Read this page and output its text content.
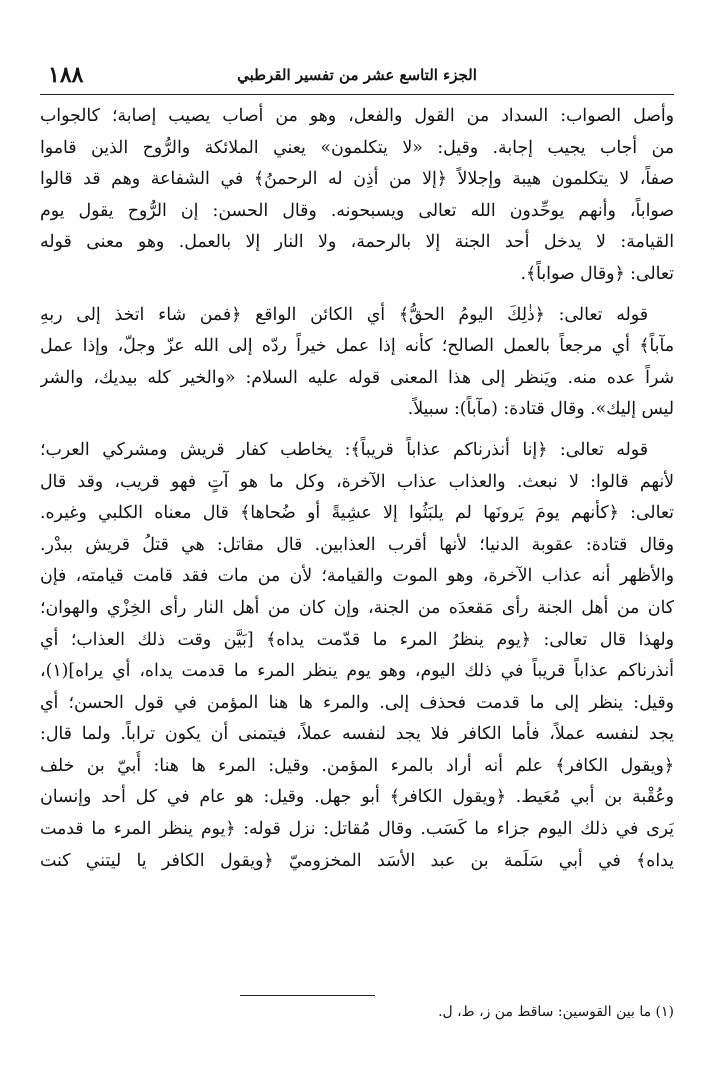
١٨٨	الجزء التاسع عشر من تفسير القرطبي
وأصل الصواب: السداد من القول والفعل، وهو من أصاب يصيب إصابة؛ كالجواب
من أجاب يجيب إجابة. وقيل: «لا يتكلمون» يعني الملائكة والرُّوح الذين قاموا
صفاً، لا يتكلمون هيبة وإجلالاً ﴿إلا من أذِن له الرحمنُ﴾ في الشفاعة وهم قد قالوا
صواباً، وأنهم يوحِّدون الله تعالى ويسبحونه. وقال الحسن: إن الرُّوح يقول يوم
القيامة: لا يدخل أحد الجنة إلا بالرحمة، ولا النار إلا بالعمل. وهو معنى قوله
تعالى: ﴿وقال صواباً﴾.
قوله تعالى: ﴿ذٰلِكَ اليومُ الحقُّ﴾ أي الكائن الواقع ﴿فمن شاء اتخذ إلى ربهِ
مآباً﴾ أي مرجعاً بالعمل الصالح؛ كأنه إذا عمل خيراً ردّه إلى الله عزّ وجلّ، وإذا عمل
شراً عده منه. ويَنظر إلى هذا المعنى قوله عليه السلام: «والخير كله بيديك، والشر
ليس إليك». وقال قتادة: (مآباً): سبيلاً.
قوله تعالى: ﴿إنا أنذرناكم عذاباً قريباً﴾: يخاطب كفار قريش ومشركي العرب؛
لأنهم قالوا: لا نبعث. والعذاب عذاب الآخرة، وكل ما هو آتٍ فهو قريب، وقد قال
تعالى: ﴿كأنهم يومَ يَرونَها لم يلبَثُوا إلا عشِيةً أو ضُحاها﴾ قال معناه الكلبي وغيره.
وقال قتادة: عقوبة الدنيا؛ لأنها أقرب العذابين. قال مقاتل: هي قتلُ قريش ببدْر.
والأظهر أنه عذاب الآخرة، وهو الموت والقيامة؛ لأن من مات فقد قامت قيامته، فإن
كان من أهل الجنة رأى مَقعدَه من الجنة، وإن كان من أهل النار رأى الخِزْي والهوان؛
ولهذا قال تعالى: ﴿يوم ينظرُ المرء ما قدّمت يداه﴾ [بَيَّن وقت ذلك العذاب؛ أي
أنذرناكم عذاباً قريباً في ذلك اليوم، وهو يوم ينظر المرء ما قدمت يداه، أي يراه](١)،
وقيل: ينظر إلى ما قدمت فحذف إلى. والمرء ها هنا المؤمن في قول الحسن؛ أي
يجد لنفسه عملاً، فأما الكافر فلا يجد لنفسه عملاً، فيتمنى أن يكون تراباً. ولما قال:
﴿ويقول الكافر﴾ علم أنه أراد بالمرء المؤمن. وقيل: المرء ها هنا: أُبيّ بن خلف
وعُقْبة بن أبي مُعَيط. ﴿ويقول الكافر﴾ أبو جهل. وقيل: هو عام في كل أحد وإنسان
يَرى في ذلك اليوم جزاء ما كَسَب. وقال مُقاتل: نزل قوله: ﴿يوم ينظر المرء ما قدمت
يداه﴾ في أبي سَلَمة بن عبد الأسَد المخزوميّ ﴿ويقول الكافر يا ليتني كنت
(١) ما بين القوسين: ساقط من ز، ط، ل.
